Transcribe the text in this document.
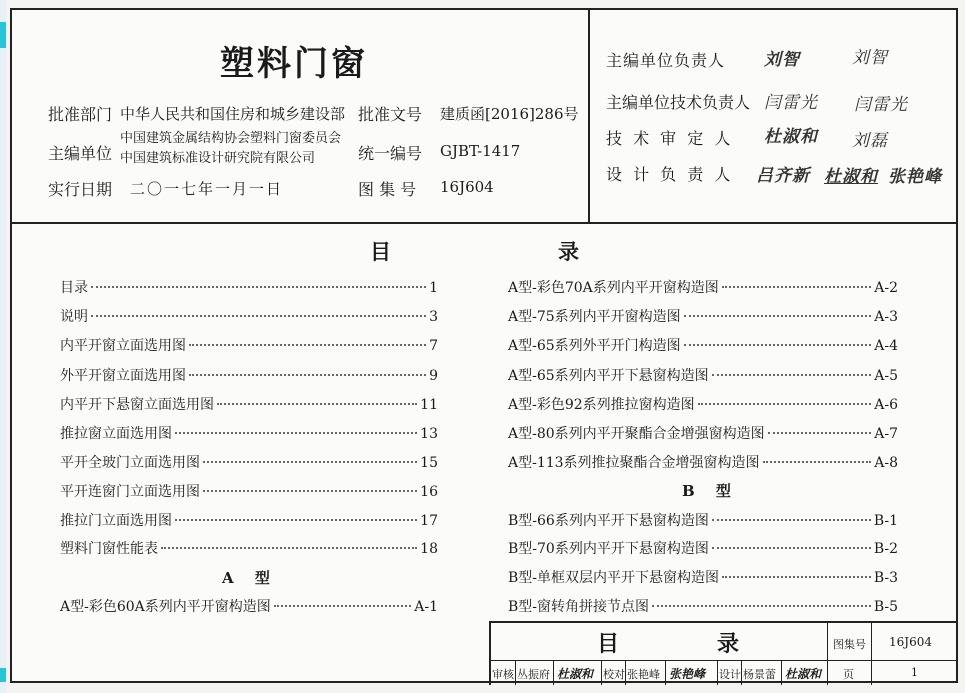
塑料门窗
批准部门 中华人民共和国住房和城乡建设部
主编单位
中国建筑金属结构协会塑料门窗委员会
中国建筑标准设计研究院有限公司
实行日期 二〇一七年一月一日
批准文号 建质函[2016]286号
统一编号 GJBT-1417
图 集 号 16J604
主编单位负责人 刘智	刘智
主编单位技术负责人 闫雷光 闫雷光
技 术 审 定 人 杜淑和 刘磊
设 计 负 责 人 吕齐新 杜淑和 张艳峰
目	录
目录	1
说明	3
内平开窗立面选用图	7
外平开窗立面选用图	9
内平开下悬窗立面选用图	11
推拉窗立面选用图	13
平开全玻门立面选用图	15
平开连窗门立面选用图	16
推拉门立面选用图	17
塑料门窗性能表	18
A 型
A型-彩色60A系列内平开窗构造图	A-1
A型-彩色70A系列内平开窗构造图	A-2
A型-75系列内平开窗构造图	A-3
A型-65系列外平开门构造图	A-4
A型-65系列内平开下悬窗构造图	A-5
A型-彩色92系列推拉窗构造图	A-6
A型-80系列内平开聚酯合金增强窗构造图	A-7
A型-113系列推拉聚酯合金增强窗构造图	A-8
B 型
B型-66系列内平开下悬窗构造图	B-1
B型-70系列内平开下悬窗构造图	B-2
B型-单框双层内平开下悬窗构造图	B-3
B型-窗转角拼接节点图	B-5
目	录	图集号 16J604
审核 丛振府 杜淑和 校对 张艳峰 张艳峰 设计 杨景蕾 杜淑和 页	1
